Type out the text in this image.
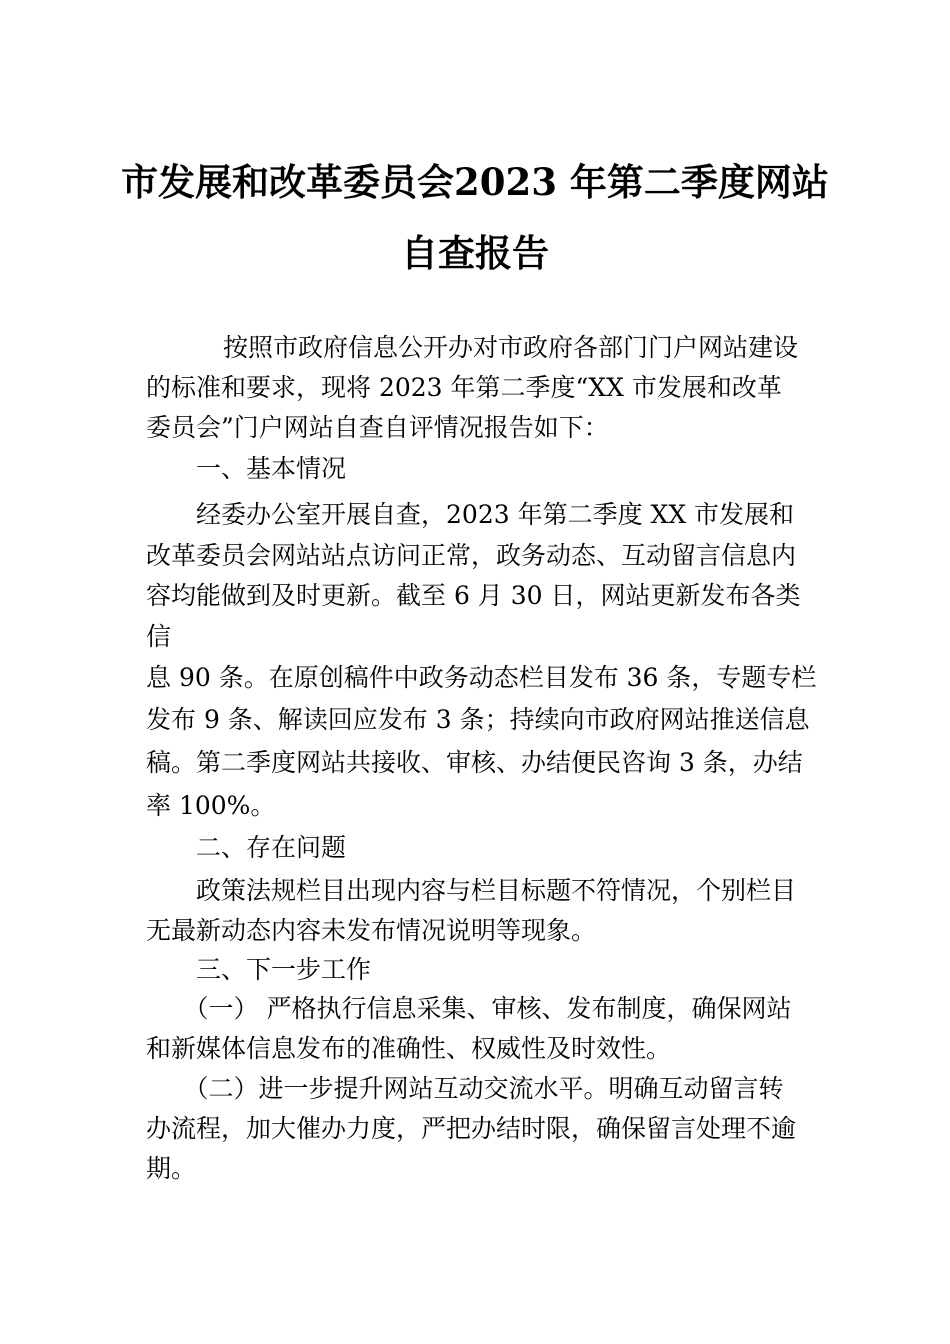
市发展和改革委员会2023 年第二季度网站
自查报告
　按照市政府信息公开办对市政府各部门门户网站建设
的标准和要求，现将 2023 年第二季度“XX 市发展和改革
委员会”门户网站自查自评情况报告如下：
　一、基本情况
　经委办公室开展自查，2023 年第二季度 XX 市发展和
改革委员会网站站点访问正常，政务动态、互动留言信息内
容均能做到及时更新。截至 6 月 30 日，网站更新发布各类
信
息 90 条。在原创稿件中政务动态栏目发布 36 条，专题专栏
发布 9 条、解读回应发布 3 条；持续向市政府网站推送信息
稿。第二季度网站共接收、审核、办结便民咨询 3 条，办结
率 100%。
　二、存在问题
　政策法规栏目出现内容与栏目标题不符情况，个别栏目
无最新动态内容未发布情况说明等现象。
　三、下一步工作
　（一） 严格执行信息采集、审核、发布制度，确保网站
和新媒体信息发布的准确性、权威性及时效性。
　（二）进一步提升网站互动交流水平。明确互动留言转
办流程，加大催办力度，严把办结时限，确保留言处理不逾
期。
